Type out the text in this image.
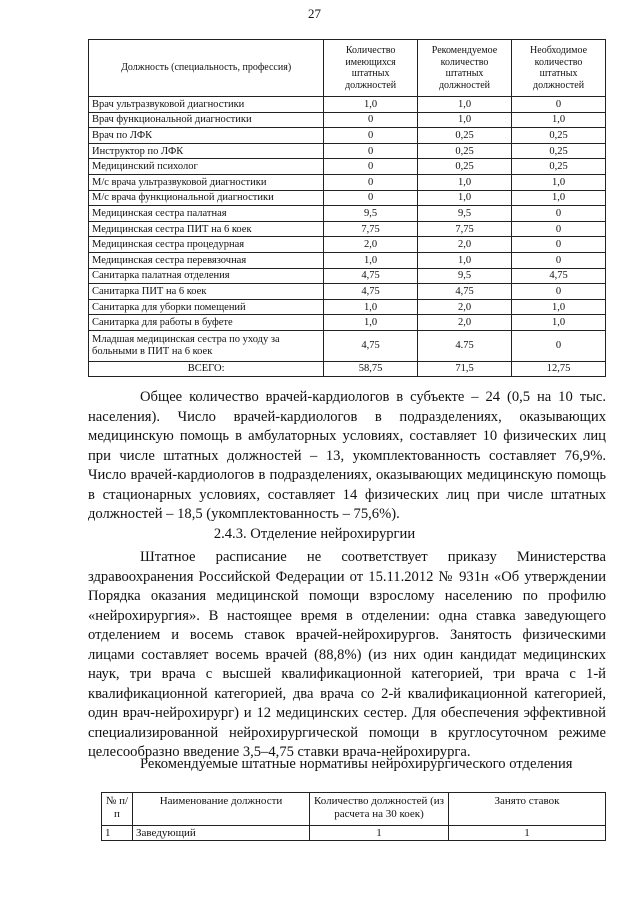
27
Должность (специальность, профессия)	Количество имеющихся штатных должностей	Рекомендуемое количество штатных должностей	Необходимое количество штатных должностей
Врач ультразвуковой диагностики	1,0	1,0	0
Врач функциональной диагностики	0	1,0	1,0
Врач по ЛФК	0	0,25	0,25
Инструктор по ЛФК	0	0,25	0,25
Медицинский психолог	0	0,25	0,25
М/с врача ультразвуковой диагностики	0	1,0	1,0
М/с врача функциональной диагностики	0	1,0	1,0
Медицинская сестра палатная	9,5	9,5	0
Медицинская сестра ПИТ на 6 коек	7,75	7,75	0
Медицинская сестра процедурная	2,0	2,0	0
Медицинская сестра перевязочная	1,0	1,0	0
Санитарка палатная отделения	4,75	9,5	4,75
Санитарка ПИТ на 6 коек	4,75	4,75	0
Санитарка для уборки помещений	1,0	2,0	1,0
Санитарка для работы в буфете	1,0	2,0	1,0
Младшая медицинская сестра по уходу за больными в ПИТ на 6 коек	4,75	4.75	0
ВСЕГО:	58,75	71,5	12,75
Общее количество врачей-кардиологов в субъекте – 24 (0,5 на 10 тыс. населения). Число врачей-кардиологов в подразделениях, оказывающих медицинскую помощь в амбулаторных условиях, составляет 10 физических лиц при числе штатных должностей – 13, укомплектованность составляет 76,9%. Число врачей-кардиологов в подразделениях, оказывающих медицинскую помощь в стационарных условиях, составляет 14 физических лиц при числе штатных должностей – 18,5 (укомплектованность – 75,6%).
2.4.3. Отделение нейрохирургии
Штатное расписание не соответствует приказу Министерства здравоохранения Российской Федерации от 15.11.2012 № 931н «Об утверждении Порядка оказания медицинской помощи взрослому населению по профилю «нейрохирургия». В настоящее время в отделении: одна ставка заведующего отделением и восемь ставок врачей-нейрохирургов. Занятость физическими лицами составляет восемь врачей (88,8%) (из них один кандидат медицинских наук, три врача с высшей квалификационной категорией, три врача с 1-й квалификационной категорией, два врача со 2-й квалификационной категорией, один врач-нейрохирург) и 12 медицинских сестер. Для обеспечения эффективной специализированной нейрохирургической помощи в круглосуточном режиме целесообразно введение 3,5–4,75 ставки врача-нейрохирурга.
Рекомендуемые штатные нормативы нейрохирургического отделения
№ п/п	Наименование должности	Количество должностей (из расчета на 30 коек)	Занято ставок
1	Заведующий	1	1
